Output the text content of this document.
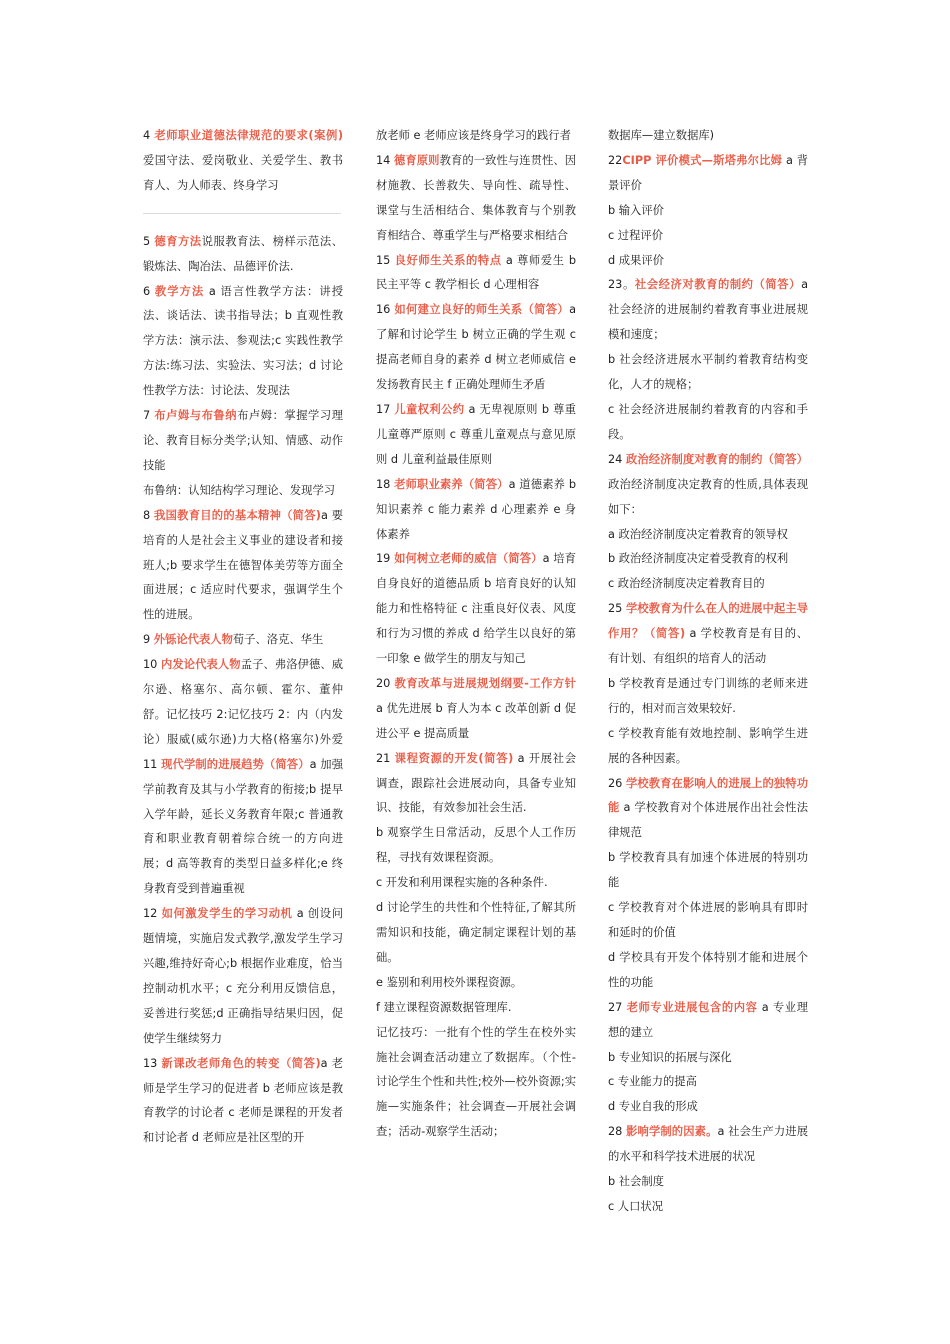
4 老师职业道德法律规范的要求(案例)爱国守法、爱岗敬业、关爱学生、教书育人、为人师表、终身学习

5 德育方法说服教育法、榜样示范法、锻炼法、陶冶法、品德评价法.

6 教学方法 a 语言性教学方法：讲授法、谈话法、读书指导法；b 直观性教学方法：演示法、参观法;c 实践性教学方法:练习法、实验法、实习法；d 讨论性教学方法：讨论法、发现法

7 布卢姆与布鲁纳布卢姆：掌握学习理论、教育目标分类学;认知、情感、动作技能

布鲁纳：认知结构学习理论、发现学习

8 我国教育目的的基本精神（简答)a 要培育的人是社会主义事业的建设者和接班人;b 要求学生在德智体美劳等方面全面进展；c 适应时代要求，强调学生个性的进展。

9 外铄论代表人物荀子、洛克、华生

10 内发论代表人物孟子、弗洛伊德、威尔逊、格塞尔、高尔顿、霍尔、董仲舒。记忆技巧 2:记忆技巧 2：内（内发论）服威(威尔逊)力大格(格塞尔)外爱 11 现代学制的进展趋势（简答）a 加强学前教育及其与小学教育的衔接;b 提早入学年龄，延长义务教育年限;c 普通教育和职业教育朝着综合统一的方向进展；d 高等教育的类型日益多样化;e 终身教育受到普遍重视

12 如何激发学生的学习动机 a 创设问题情境，实施启发式教学,激发学生学习兴趣,维持好奇心;b 根据作业难度，恰当控制动机水平；c 充分利用反馈信息，妥善进行奖惩;d 正确指导结果归因，促使学生继续努力

13 新课改老师角色的转变（简答)a 老师是学生学习的促进者 b 老师应该是教育教学的讨论者 c 老师是课程的开发者和讨论者 d 老师应是社区型的开

放老师 e 老师应该是终身学习的践行者

14 德育原则教育的一致性与连贯性、因材施教、长善救失、导向性、疏导性、课堂与生活相结合、集体教育与个别教育相结合、尊重学生与严格要求相结合

15 良好师生关系的特点 a 尊师爱生 b 民主平等 c 教学相长 d 心理相容

16 如何建立良好的师生关系（简答）a 了解和讨论学生 b 树立正确的学生观 c 提高老师自身的素养 d 树立老师威信 e 发扬教育民主 f 正确处理师生矛盾

17 儿童权利公约 a 无卑视原则 b 尊重儿童尊严原则 c 尊重儿童观点与意见原则 d 儿童利益最佳原则

18 老师职业素养（简答）a 道德素养 b 知识素养 c 能力素养 d 心理素养 e 身体素养

19 如何树立老师的威信（简答）a 培育自身良好的道德品质 b 培育良好的认知能力和性格特征 c 注重良好仪表、风度和行为习惯的养成 d 给学生以良好的第一印象 e 做学生的朋友与知己

20 教育改革与进展规划纲要-工作方针 a 优先进展 b 育人为本 c 改革创新 d 促进公平 e 提高质量

21 课程资源的开发(简答) a 开展社会调查，跟踪社会进展动向，具备专业知识、技能，有效参加社会生活.

b 观察学生日常活动，反思个人工作历程，寻找有效课程资源。

c 开发和利用课程实施的各种条件.

d 讨论学生的共性和个性特征,了解其所需知识和技能，确定制定课程计划的基础。

e 鉴别和利用校外课程资源。

f 建立课程资源数据管理库.

记忆技巧：一批有个性的学生在校外实施社会调查活动建立了数据库。（个性-讨论学生个性和共性;校外—校外资源;实施—实施条件；社会调查—开展社会调查；活动-观察学生活动；

数据库—建立数据库)

22CIPP 评价模式—斯塔弗尔比姆 a 背景评价

b 输入评价

c 过程评价

d 成果评价

23。社会经济对教育的制约（简答）a 社会经济的进展制约着教育事业进展规模和速度；

b 社会经济进展水平制约着教育结构变化，人才的规格；

c 社会经济进展制约着教育的内容和手段。

24 政治经济制度对教育的制约（简答）政治经济制度决定教育的性质,具体表现如下：

a 政治经济制度决定着教育的领导权

b 政治经济制度决定着受教育的权利

c 政治经济制度决定着教育目的

25 学校教育为什么在人的进展中起主导作用？（简答) a 学校教育是有目的、有计划、有组织的培育人的活动

b 学校教育是通过专门训练的老师来进行的，相对而言效果较好.

c 学校教育能有效地控制、影响学生进展的各种因素。

26 学校教育在影响人的进展上的独特功能 a 学校教育对个体进展作出社会性法律规范

b 学校教育具有加速个体进展的特别功能

c 学校教育对个体进展的影响具有即时和延时的价值

d 学校具有开发个体特别才能和进展个性的功能

27 老师专业进展包含的内容 a 专业理想的建立

b 专业知识的拓展与深化

c 专业能力的提高

d 专业自我的形成

28 影响学制的因素。a 社会生产力进展的水平和科学技术进展的状况

b 社会制度

c 人口状况
